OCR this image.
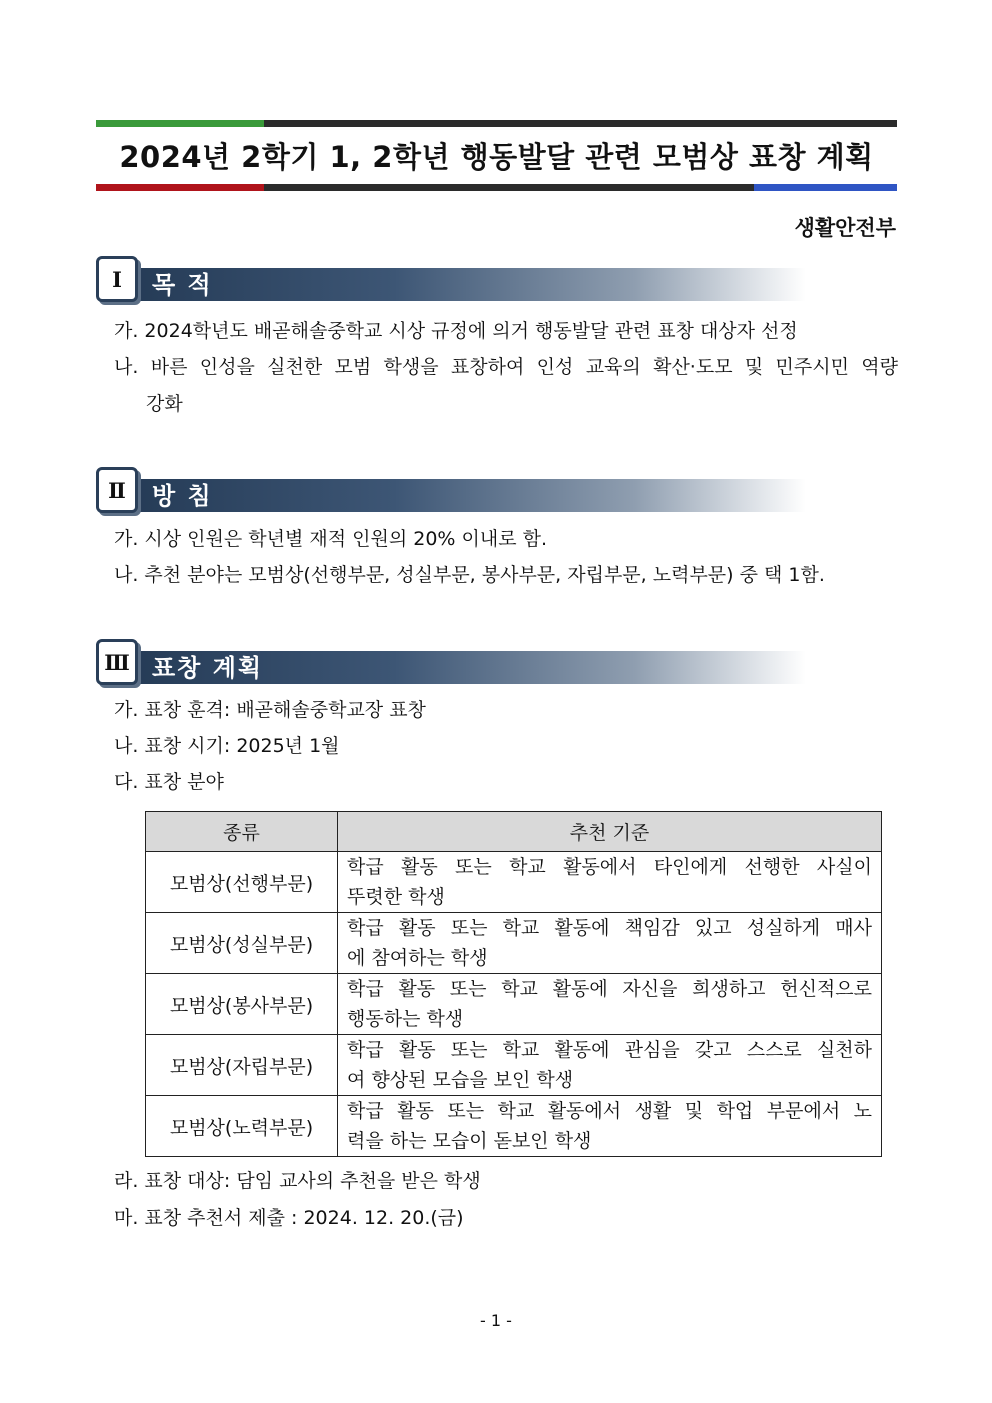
2024년 2학기 1, 2학년 행동발달 관련 모범상 표창 계획
생활안전부
Ⅰ	목 적
가. 2024학년도 배곧해솔중학교 시상 규정에 의거 행동발달 관련 표창 대상자 선정
나. 바른 인성을 실천한 모범 학생을 표창하여 인성 교육의 확산·도모 및 민주시민 역량
강화
Ⅱ	방 침
가. 시상 인원은 학년별 재적 인원의 20% 이내로 함.
나. 추천 분야는 모범상(선행부문, 성실부문, 봉사부문, 자립부문, 노력부문) 중 택 1함.
Ⅲ 표창 계획
가. 표창 훈격: 배곧해솔중학교장 표창
나. 표창 시기: 2025년 1월
다. 표창 분야
종류	추천 기준
모범상(선행부문)	학급 활동 또는 학교 활동에서 타인에게 선행한 사실이
뚜렷한 학생

모범상(성실부문)	학급 활동 또는 학교 활동에 책임감 있고 성실하게 매사
에 참여하는 학생

모범상(봉사부문)	학급 활동 또는 학교 활동에 자신을 희생하고 헌신적으로
행동하는 학생

모범상(자립부문)	학급 활동 또는 학교 활동에 관심을 갖고 스스로 실천하
여 향상된 모습을 보인 학생

모범상(노력부문)	학급 활동 또는 학교 활동에서 생활 및 학업 부문에서 노
력을 하는 모습이 돋보인 학생
라. 표창 대상: 담임 교사의 추천을 받은 학생
마. 표창 추천서 제출 : 2024. 12. 20.(금)
- 1 -
